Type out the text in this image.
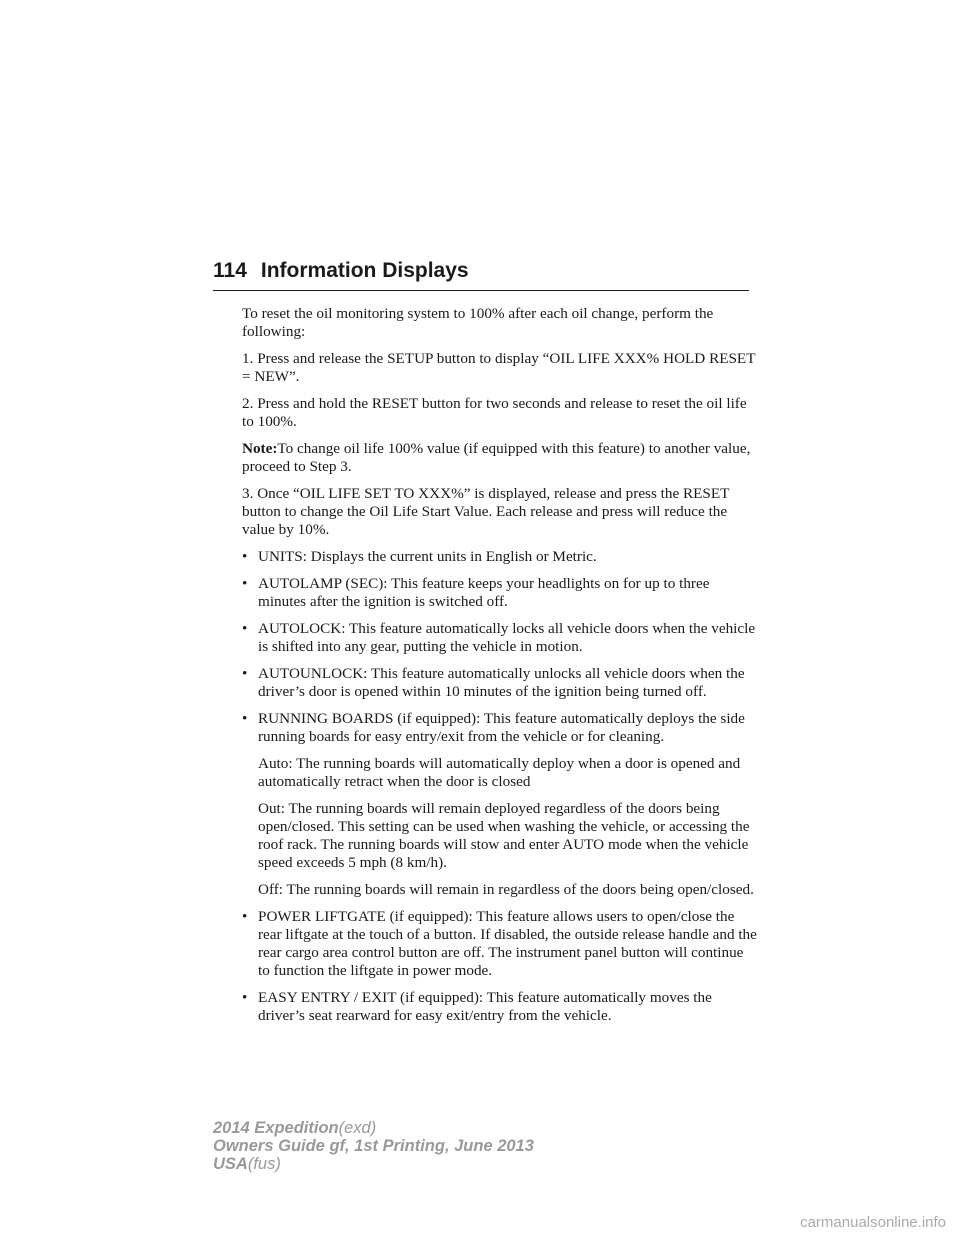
114 Information Displays

To reset the oil monitoring system to 100% after each oil change, perform the following:

1. Press and release the SETUP button to display “OIL LIFE XXX% HOLD RESET = NEW”.

2. Press and hold the RESET button for two seconds and release to reset the oil life to 100%.

Note:To change oil life 100% value (if equipped with this feature) to another value, proceed to Step 3.

3. Once “OIL LIFE SET TO XXX%” is displayed, release and press the RESET button to change the Oil Life Start Value. Each release and press will reduce the value by 10%.

• UNITS: Displays the current units in English or Metric.
• AUTOLAMP (SEC): This feature keeps your headlights on for up to three minutes after the ignition is switched off.
• AUTOLOCK: This feature automatically locks all vehicle doors when the vehicle is shifted into any gear, putting the vehicle in motion.
• AUTOUNLOCK: This feature automatically unlocks all vehicle doors when the driver’s door is opened within 10 minutes of the ignition being turned off.
• RUNNING BOARDS (if equipped): This feature automatically deploys the side running boards for easy entry/exit from the vehicle or for cleaning.

Auto: The running boards will automatically deploy when a door is opened and automatically retract when the door is closed

Out: The running boards will remain deployed regardless of the doors being open/closed. This setting can be used when washing the vehicle, or accessing the roof rack. The running boards will stow and enter AUTO mode when the vehicle speed exceeds 5 mph (8 km/h).

Off: The running boards will remain in regardless of the doors being open/closed.

• POWER LIFTGATE (if equipped): This feature allows users to open/close the rear liftgate at the touch of a button. If disabled, the outside release handle and the rear cargo area control button are off. The instrument panel button will continue to function the liftgate in power mode.
• EASY ENTRY / EXIT (if equipped): This feature automatically moves the driver’s seat rearward for easy exit/entry from the vehicle.
2014 Expedition(exd)
Owners Guide gf, 1st Printing, June 2013
USA(fus)
carmanualsonline.info
